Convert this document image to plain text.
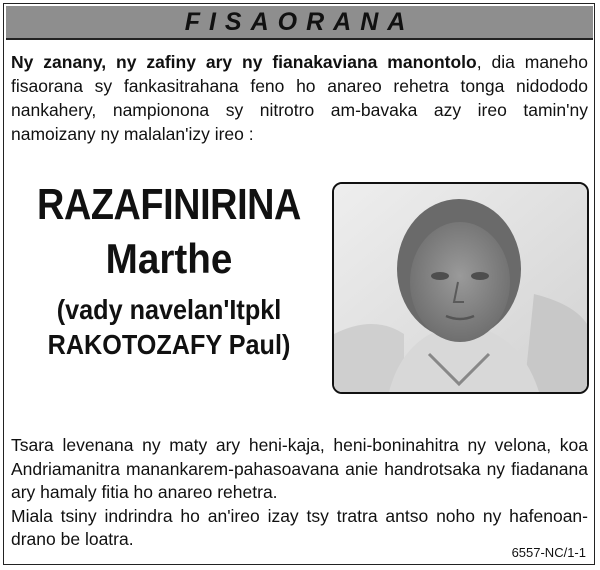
FISAORANA
Ny zanany, ny zafiny ary ny fianakaviana manontolo, dia maneho fisaorana sy fankasitrahana feno ho anareo rehetra tonga nidododo nankahery, nampionona sy nitrotro am-bavaka azy ireo tamin'ny namoizany ny malalan'izy ireo :
RAZAFINIRINA
Marthe
(vady navelan'Itpkl
RAKOTOZAFY Paul)
Tsara levenana ny maty ary heni-kaja, heni-boninahitra ny velona, koa Andriamanitra manankarem-pahasoavana anie handrotsaka ny fiadanana ary hamaly fitia ho anareo rehetra.
Miala tsiny indrindra ho an'ireo izay tsy tratra antso noho ny hafenoan-drano be loatra.
6557-NC/1-1
